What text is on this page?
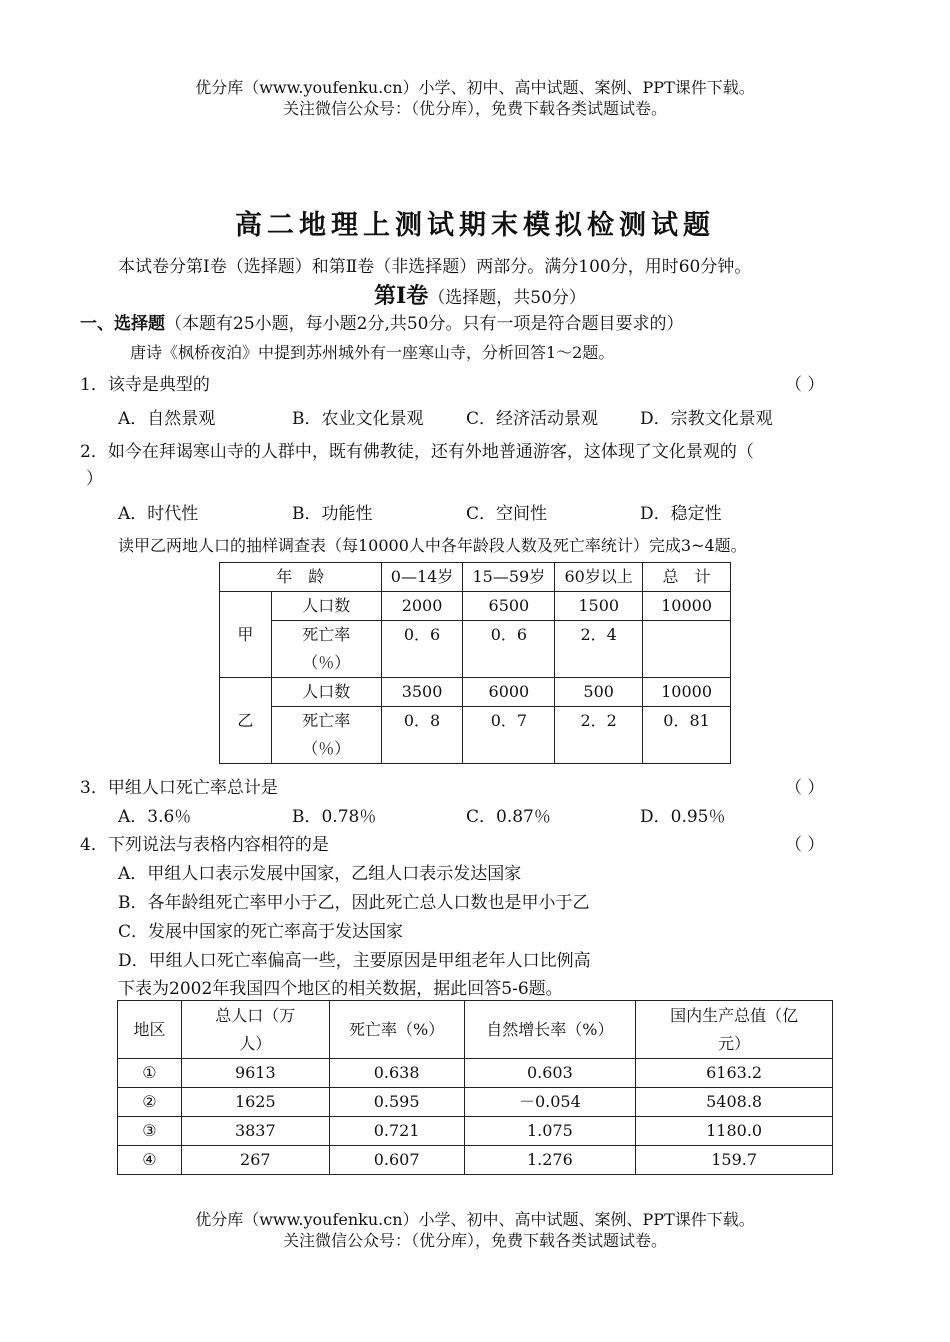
优分库（www.youfenku.cn）小学、初中、高中试题、案例、PPT课件下载。
关注微信公众号：（优分库），免费下载各类试题试卷。
高二地理上测试期末模拟检测试题
本试卷分第Ⅰ卷（选择题）和第Ⅱ卷（非选择题）两部分。满分100分，用时60分钟。
第Ⅰ卷（选择题，共50分）
一、选择题（本题有25小题，每小题2分,共50分。只有一项是符合题目要求的）
唐诗《枫桥夜泊》中提到苏州城外有一座寒山寺，分析回答1～2题。
1．该寺是典型的	（ ）
A．自然景观	B．农业文化景观	C．经济活动景观 D．宗教文化景观
2．如今在拜谒寒山寺的人群中，既有佛教徒，还有外地普通游客，这体现了文化景观的（
）
A．时代性	B．功能性	C．空间性	D．稳定性
读甲乙两地人口的抽样调查表（每10000人中各年龄段人数及死亡率统计）完成3~4题。
年　龄		0—14岁	15—59岁	60岁以上	总　计
甲	人口数	2000	6500	1500	10000
	死亡率
（％）	0．6	0．6	2．4	
乙	人口数	3500	6000	500	10000
	死亡率
（％）	0．8	0．7	2．2	0．81
3．甲组人口死亡率总计是	（ ）
A．3.6％	B．0.78％	C．0.87％	D．0.95％
4．下列说法与表格内容相符的是	（ ）
A．甲组人口表示发展中国家，乙组人口表示发达国家
B．各年龄组死亡率甲小于乙，因此死亡总人口数也是甲小于乙
C．发展中国家的死亡率高于发达国家
D．甲组人口死亡率偏高一些，主要原因是甲组老年人口比例高
下表为2002年我国四个地区的相关数据，据此回答5-6题。
地区	总人口（万
人）	死亡率（%）	自然增长率（%）	国内生产总值（亿
元）
①	9613	0.638	0.603	6163.2
②	1625	0.595	－0.054	5408.8
③	3837	0.721	1.075	1180.0
④	267	0.607	1.276	159.7
优分库（www.youfenku.cn）小学、初中、高中试题、案例、PPT课件下载。
关注微信公众号：（优分库），免费下载各类试题试卷。
